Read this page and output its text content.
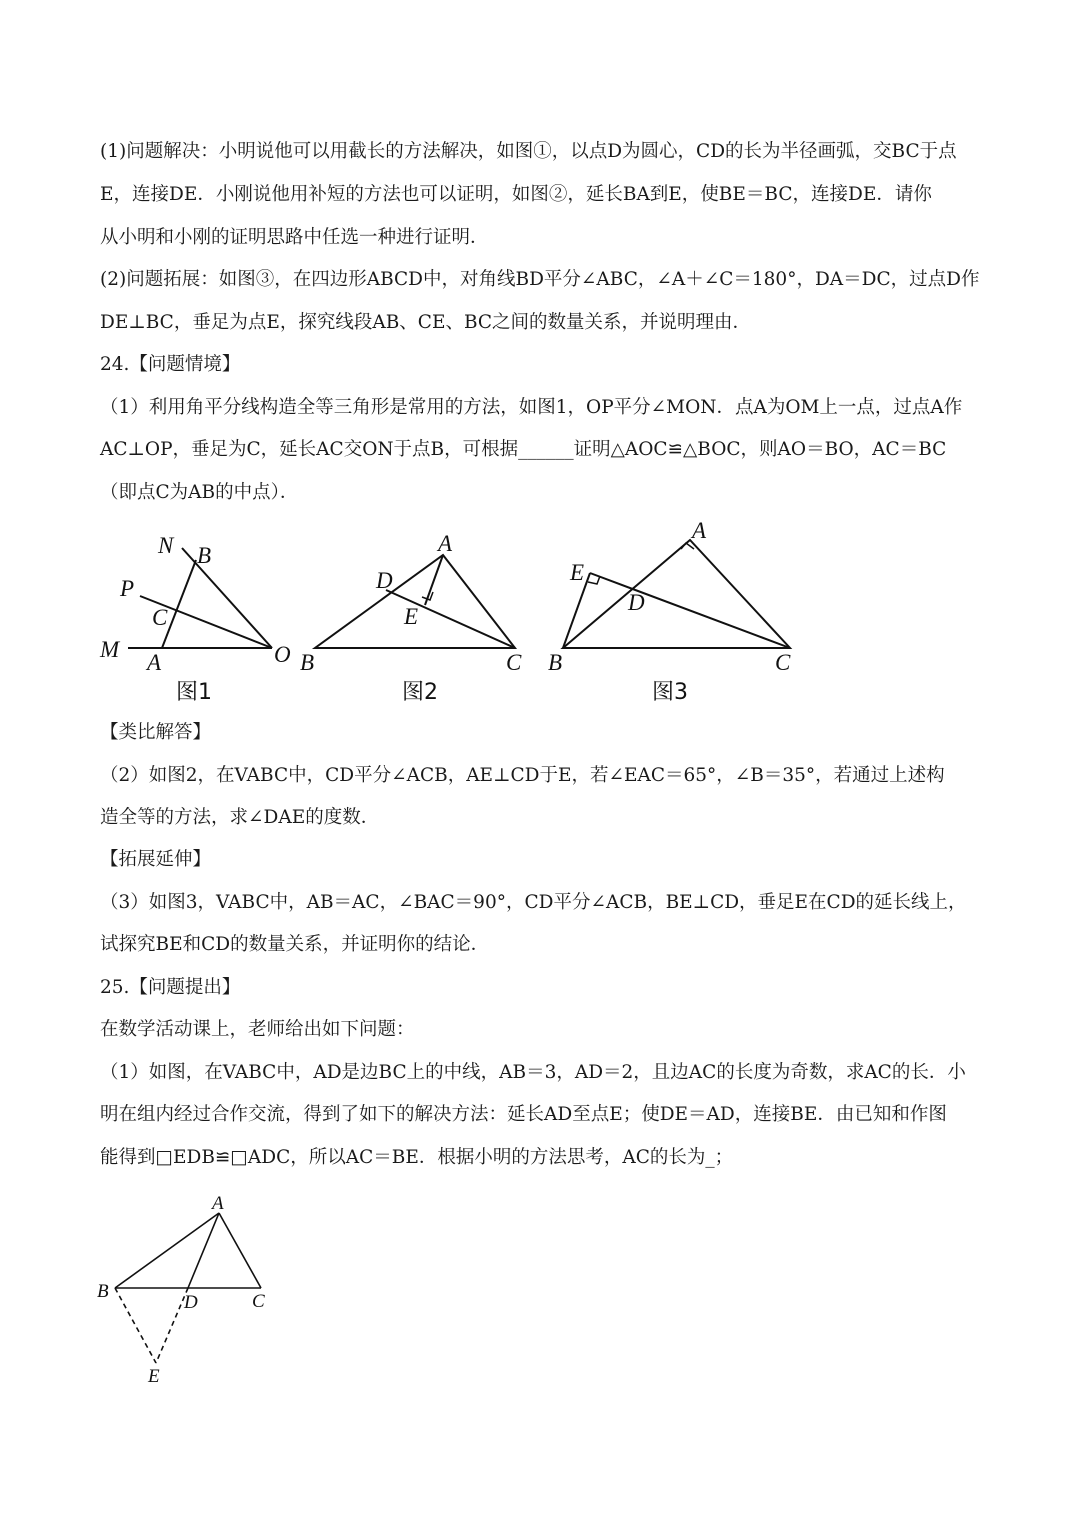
(1)问题解决：小明说他可以用截长的方法解决，如图①，以点D为圆心，CD的长为半径画弧，交BC于点
E，连接DE．小刚说他用补短的方法也可以证明，如图②，延长BA到E，使BE＝BC，连接DE．请你
从小明和小刚的证明思路中任选一种进行证明．
(2)问题拓展：如图③，在四边形ABCD中，对角线BD平分∠ABC，∠A＋∠C＝180°，DA＝DC，过点D作
DE⊥BC，垂足为点E，探究线段AB、CE、BC之间的数量关系，并说明理由．
24.【问题情境】
（1）利用角平分线构造全等三角形是常用的方法，如图1，OP平分∠MON．点A为OM上一点，过点A作
AC⊥OP，垂足为C，延长AC交ON于点B，可根据______证明△AOC≌△BOC，则AO＝BO，AC＝BC
（即点C为AB的中点）．
N B
P
C
M
A	O
图1
A
D
E
B	C
图2
A
E
D
B	C
图3
【类比解答】
（2）如图2，在VABC中，CD平分∠ACB，AE⊥CD于E，若∠EAC＝65°，∠B＝35°，若通过上述构
造全等的方法，求∠DAE的度数．
【拓展延伸】
（3）如图3，VABC中，AB＝AC，∠BAC＝90°，CD平分∠ACB，BE⊥CD，垂足E在CD的延长线上，
试探究BE和CD的数量关系，并证明你的结论．
25.【问题提出】
在数学活动课上，老师给出如下问题：
（1）如图，在VABC中，AD是边BC上的中线，AB＝3，AD＝2，且边AC的长度为奇数，求AC的长．小
明在组内经过合作交流，得到了如下的解决方法：延长AD至点E；使DE＝AD，连接BE．由已知和作图
能得到□EDB≌□ADC，所以AC＝BE．根据小明的方法思考，AC的长为_；
A
B
D	C
E
